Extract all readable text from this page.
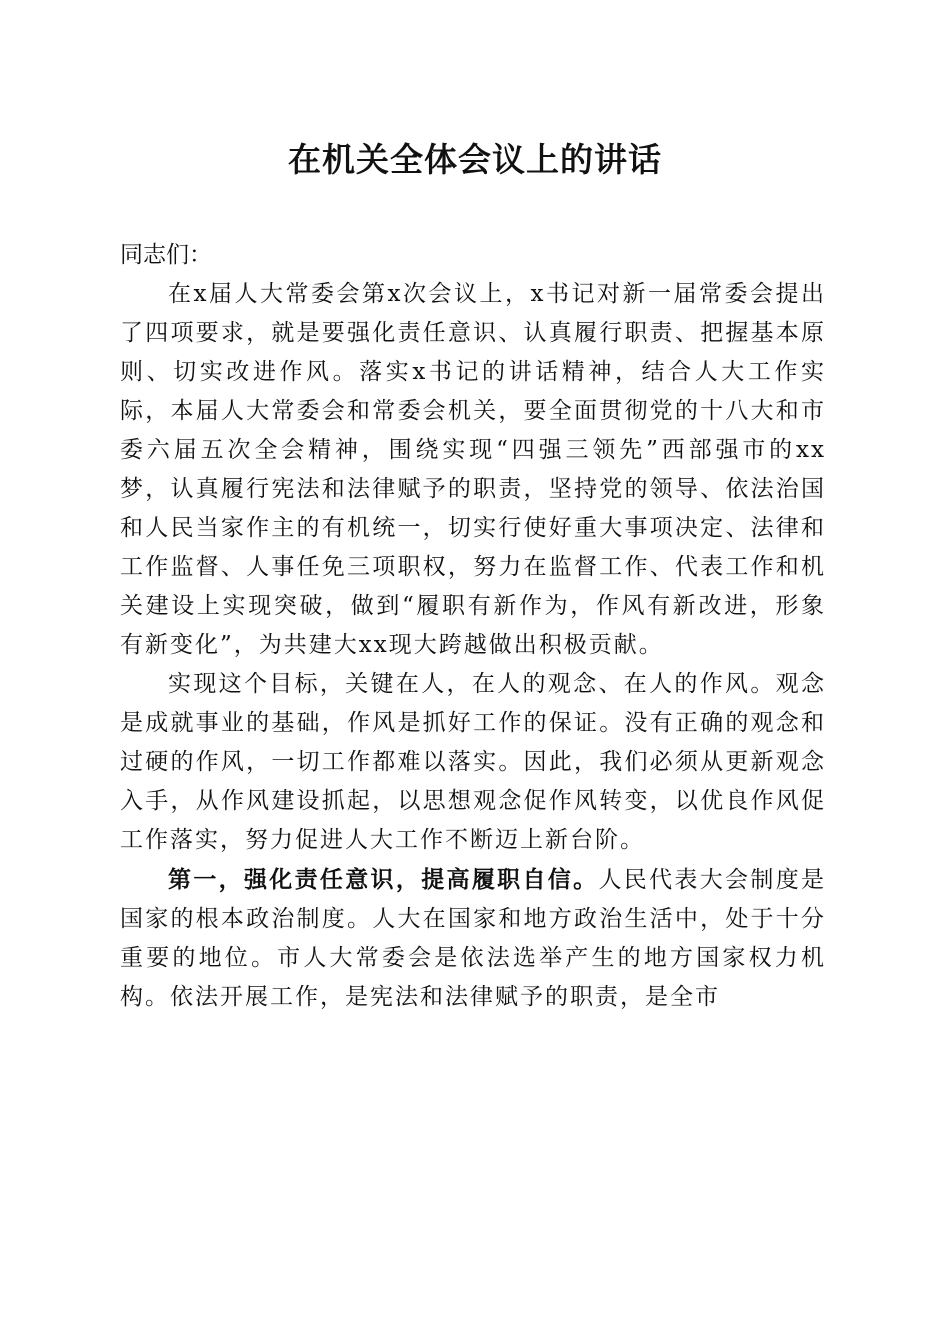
在机关全体会议上的讲话

同志们：

在x届人大常委会第x次会议上，x书记对新一届常委会提出了四项要求，就是要强化责任意识、认真履行职责、把握基本原则、切实改进作风。落实x书记的讲话精神，结合人大工作实际，本届人大常委会和常委会机关，要全面贯彻党的十八大和市委六届五次全会精神，围绕实现“四强三领先”西部强市的xx梦，认真履行宪法和法律赋予的职责，坚持党的领导、依法治国和人民当家作主的有机统一，切实行使好重大事项决定、法律和工作监督、人事任免三项职权，努力在监督工作、代表工作和机关建设上实现突破，做到“履职有新作为，作风有新改进，形象有新变化”，为共建大xx现大跨越做出积极贡献。

实现这个目标，关键在人，在人的观念、在人的作风。观念是成就事业的基础，作风是抓好工作的保证。没有正确的观念和过硬的作风，一切工作都难以落实。因此，我们必须从更新观念入手，从作风建设抓起，以思想观念促作风转变，以优良作风促工作落实，努力促进人大工作不断迈上新台阶。

第一，强化责任意识，提高履职自信。人民代表大会制度是国家的根本政治制度。人大在国家和地方政治生活中，处于十分重要的地位。市人大常委会是依法选举产生的地方国家权力机构。依法开展工作，是宪法和法律赋予的职责，是全市
